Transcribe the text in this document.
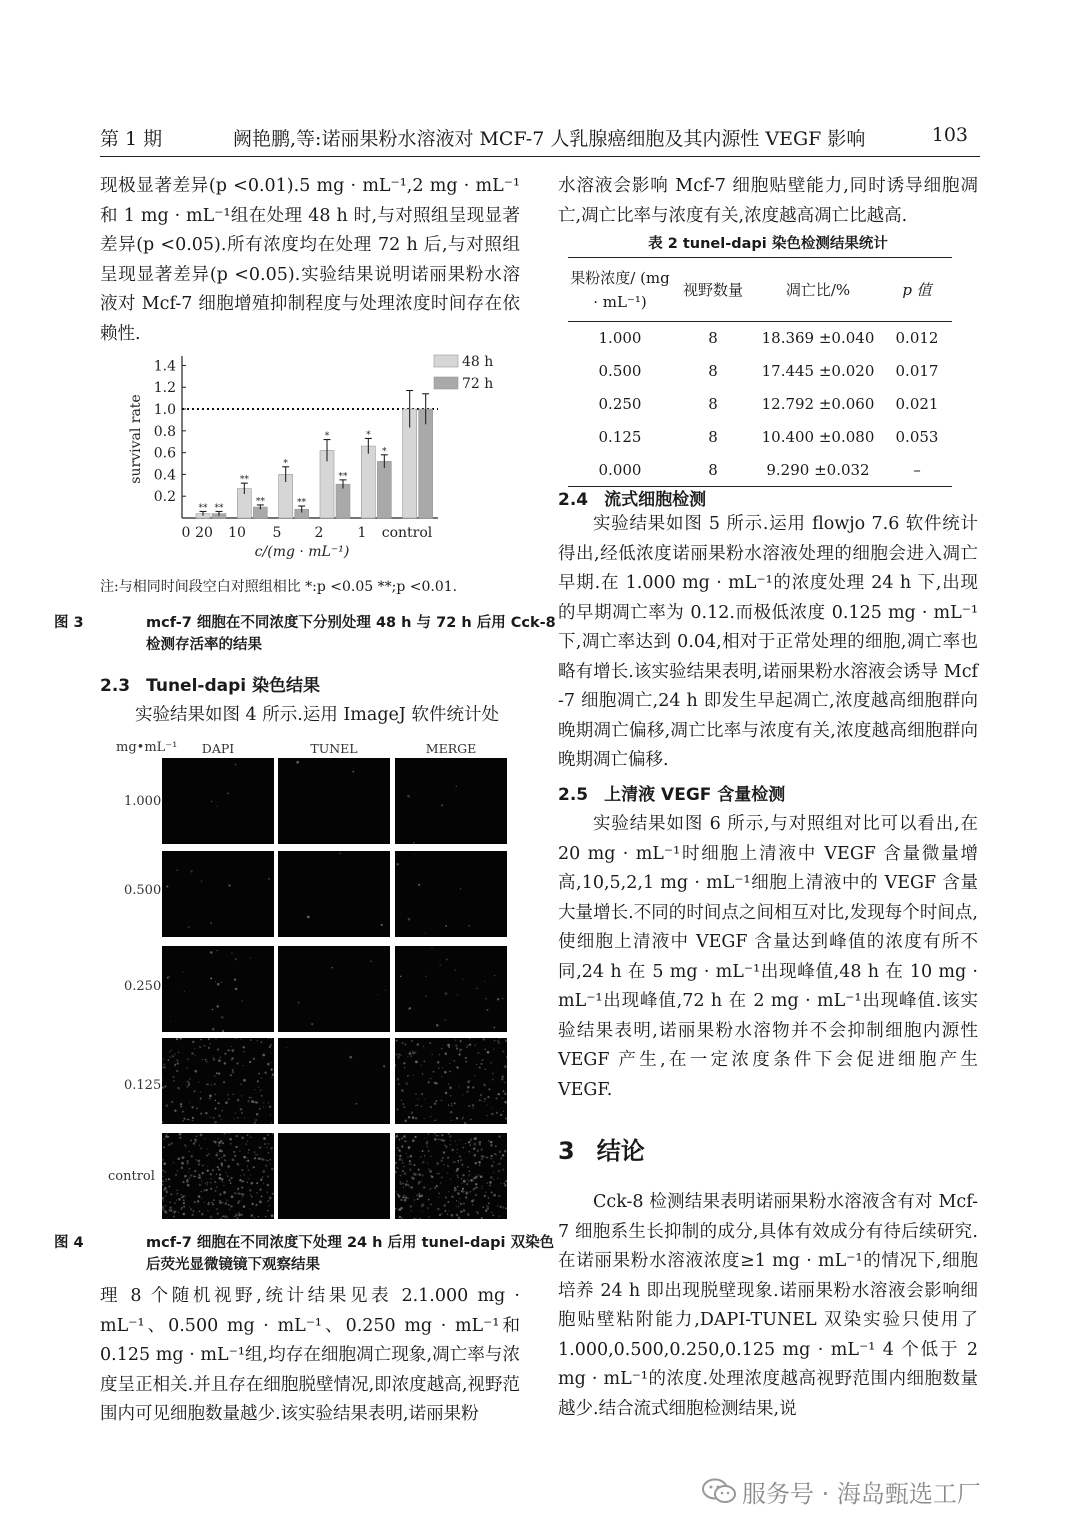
第 1 期	阙艳鹏,等:诺丽果粉水溶液对 MCF-7 人乳腺癌细胞及其内源性 VEGF 影响	103

现极显著差异(p <0.01).5 mg · mL⁻¹,2 mg · mL⁻¹和 1 mg · mL⁻¹组在处理 48 h 时,与对照组呈现显著差异(p <0.05).所有浓度均在处理 72 h 后,与对照组呈现显著差异(p <0.05).实验结果说明诺丽果粉水溶液对 Mcf-7 细胞增殖抑制程度与处理浓度时间存在依赖性.

0.2
0.4
0.6
0.8
1.0
1.2
1.4
survival rate
** **
**
**
*
**
*
**
*
*
0 20 10 5 2 1 control
c/(mg · mL⁻¹)
48 h
72 h

注:与相同时间段空白对照组相比 *:p <0.05 **;p <0.01.

图 3	mcf-7 细胞在不同浓度下分别处理 48 h 与 72 h 后用 Cck-8 检测存活率的结果
2.3 Tunel-dapi 染色结果

实验结果如图 4 所示.运用 ImageJ 软件统计处

mg•mL⁻¹	DAPI	TUNEL	MERGE
1.000
0.500
0.250
0.125
control
图 4	mcf-7 细胞在不同浓度下处理 24 h 后用 tunel-dapi 双染色后荧光显微镜镜下观察结果

理 8 个随机视野,统计结果见表 2.1.000 mg · mL⁻¹、0.500 mg · mL⁻¹、0.250 mg · mL⁻¹和 0.125 mg · mL⁻¹组,均存在细胞凋亡现象,凋亡率与浓度呈正相关.并且存在细胞脱壁情况,即浓度越高,视野范围内可见细胞数量越少.该实验结果表明,诺丽果粉

水溶液会影响 Mcf-7 细胞贴壁能力,同时诱导细胞凋亡,凋亡比率与浓度有关,浓度越高凋亡比越高.

表 2 tunel-dapi 染色检测结果统计
果粉浓度/ (mg · mL⁻¹)	视野数量	凋亡比/%	p 值
1.000	8	18.369 ±0.040	0.012
0.500	8	17.445 ±0.020	0.017
0.250	8	12.792 ±0.060	0.021
0.125	8	10.400 ±0.080	0.053
0.000	8	9.290 ±0.032	–
2.4 流式细胞检测

实验结果如图 5 所示.运用 flowjo 7.6 软件统计得出,经低浓度诺丽果粉水溶液处理的细胞会进入凋亡早期.在 1.000 mg · mL⁻¹的浓度处理 24 h 下,出现的早期凋亡率为 0.12.而极低浓度 0.125 mg · mL⁻¹下,凋亡率达到 0.04,相对于正常处理的细胞,凋亡率也略有增长.该实验结果表明,诺丽果粉水溶液会诱导 Mcf -7 细胞凋亡,24 h 即发生早起凋亡,浓度越高细胞群向晚期凋亡偏移,凋亡比率与浓度有关,浓度越高细胞群向晚期凋亡偏移.

2.5 上清液 VEGF 含量检测

实验结果如图 6 所示,与对照组对比可以看出,在 20 mg · mL⁻¹时细胞上清液中 VEGF 含量微量增高,10,5,2,1 mg · mL⁻¹细胞上清液中的 VEGF 含量大量增长.不同的时间点之间相互对比,发现每个时间点,使细胞上清液中 VEGF 含量达到峰值的浓度有所不同,24 h 在 5 mg · mL⁻¹出现峰值,48 h 在 10 mg · mL⁻¹出现峰值,72 h 在 2 mg · mL⁻¹出现峰值.该实验结果表明,诺丽果粉水溶物并不会抑制细胞内源性 VEGF 产生,在一定浓度条件下会促进细胞产生 VEGF.

3 结论

Cck-8 检测结果表明诺丽果粉水溶液含有对 Mcf-7 细胞系生长抑制的成分,具体有效成分有待后续研究.在诺丽果粉水溶液浓度≥1 mg · mL⁻¹的情况下,细胞培养 24 h 即出现脱壁现象.诺丽果粉水溶液会影响细胞贴壁粘附能力,DAPI-TUNEL 双染实验只使用了 1.000,0.500,0.250,0.125 mg · mL⁻¹ 4 个低于 2 mg · mL⁻¹的浓度.处理浓度越高视野范围内细胞数量越少.结合流式细胞检测结果,说

服务号 · 海岛甄选工厂
